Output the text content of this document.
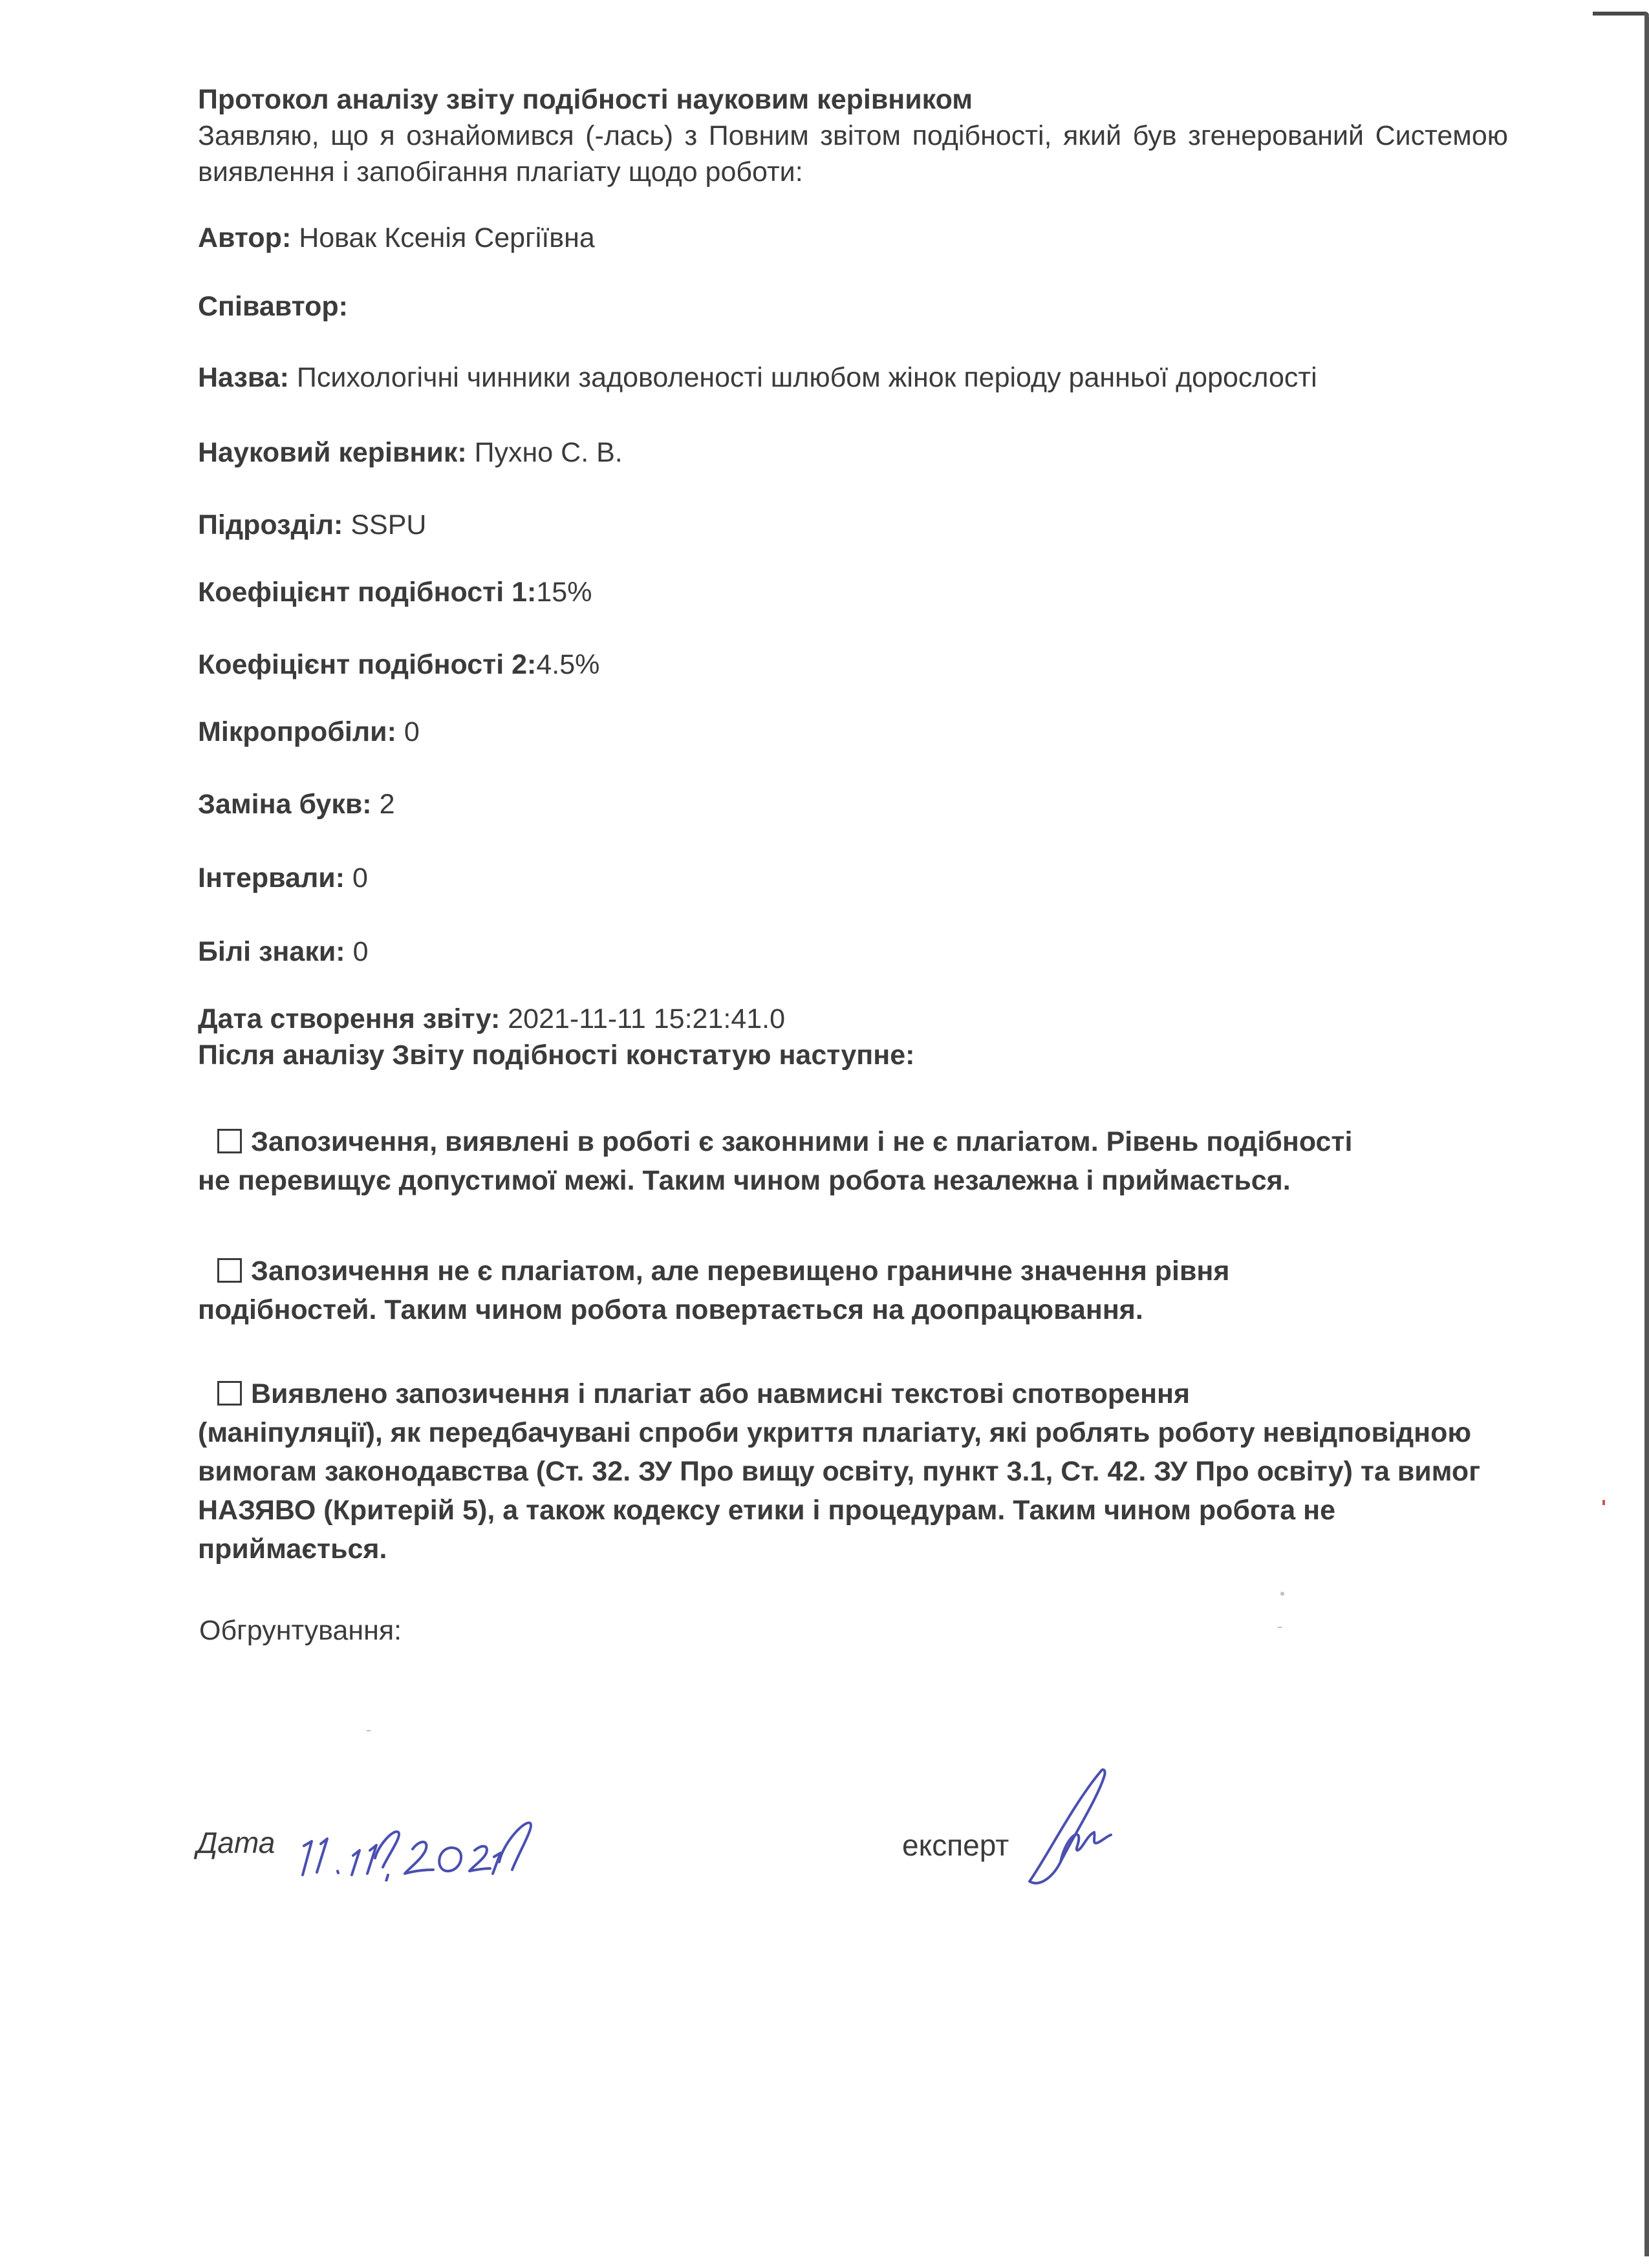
Протокол аналізу звіту подібності науковим керівником

Заявляю, що я ознайомився (-лась) з Повним звітом подібності, який був згенерований Системою виявлення і запобігання плагіату щодо роботи:

Автор: Новак Ксенія Сергіївна
Співавтор:
Назва: Психологічні чинники задоволеності шлюбом жінок періоду ранньої дорослості
Науковий керівник: Пухно С. В.
Підрозділ: SSPU
Коефіцієнт подібності 1:15%
Коефіцієнт подібності 2:4.5%
Мікропробіли: 0
Заміна букв: 2
Інтервали: 0
Білі знаки: 0
Дата створення звіту: 2021-11-11 15:21:41.0
Після аналізу Звіту подібності констатую наступне:
Запозичення, виявлені в роботі є законними і не є плагіатом. Рівень подібності
не перевищує допустимої межі. Таким чином робота незалежна і приймається.
Запозичення не є плагіатом, але перевищено граничне значення рівня
подібностей. Таким чином робота повертається на доопрацювання.
Виявлено запозичення і плагіат або навмисні текстові спотворення
(маніпуляції), як передбачувані спроби укриття плагіату, які роблять роботу невідповідною вимогам законодавства (Ст. 32. ЗУ Про вищу освіту, пункт 3.1, Ст. 42. ЗУ Про освіту) та вимог НАЗЯВО (Критерій 5), а також кодексу етики і процедурам. Таким чином робота не приймається.
Обгрунтування:
Дата	експерт
